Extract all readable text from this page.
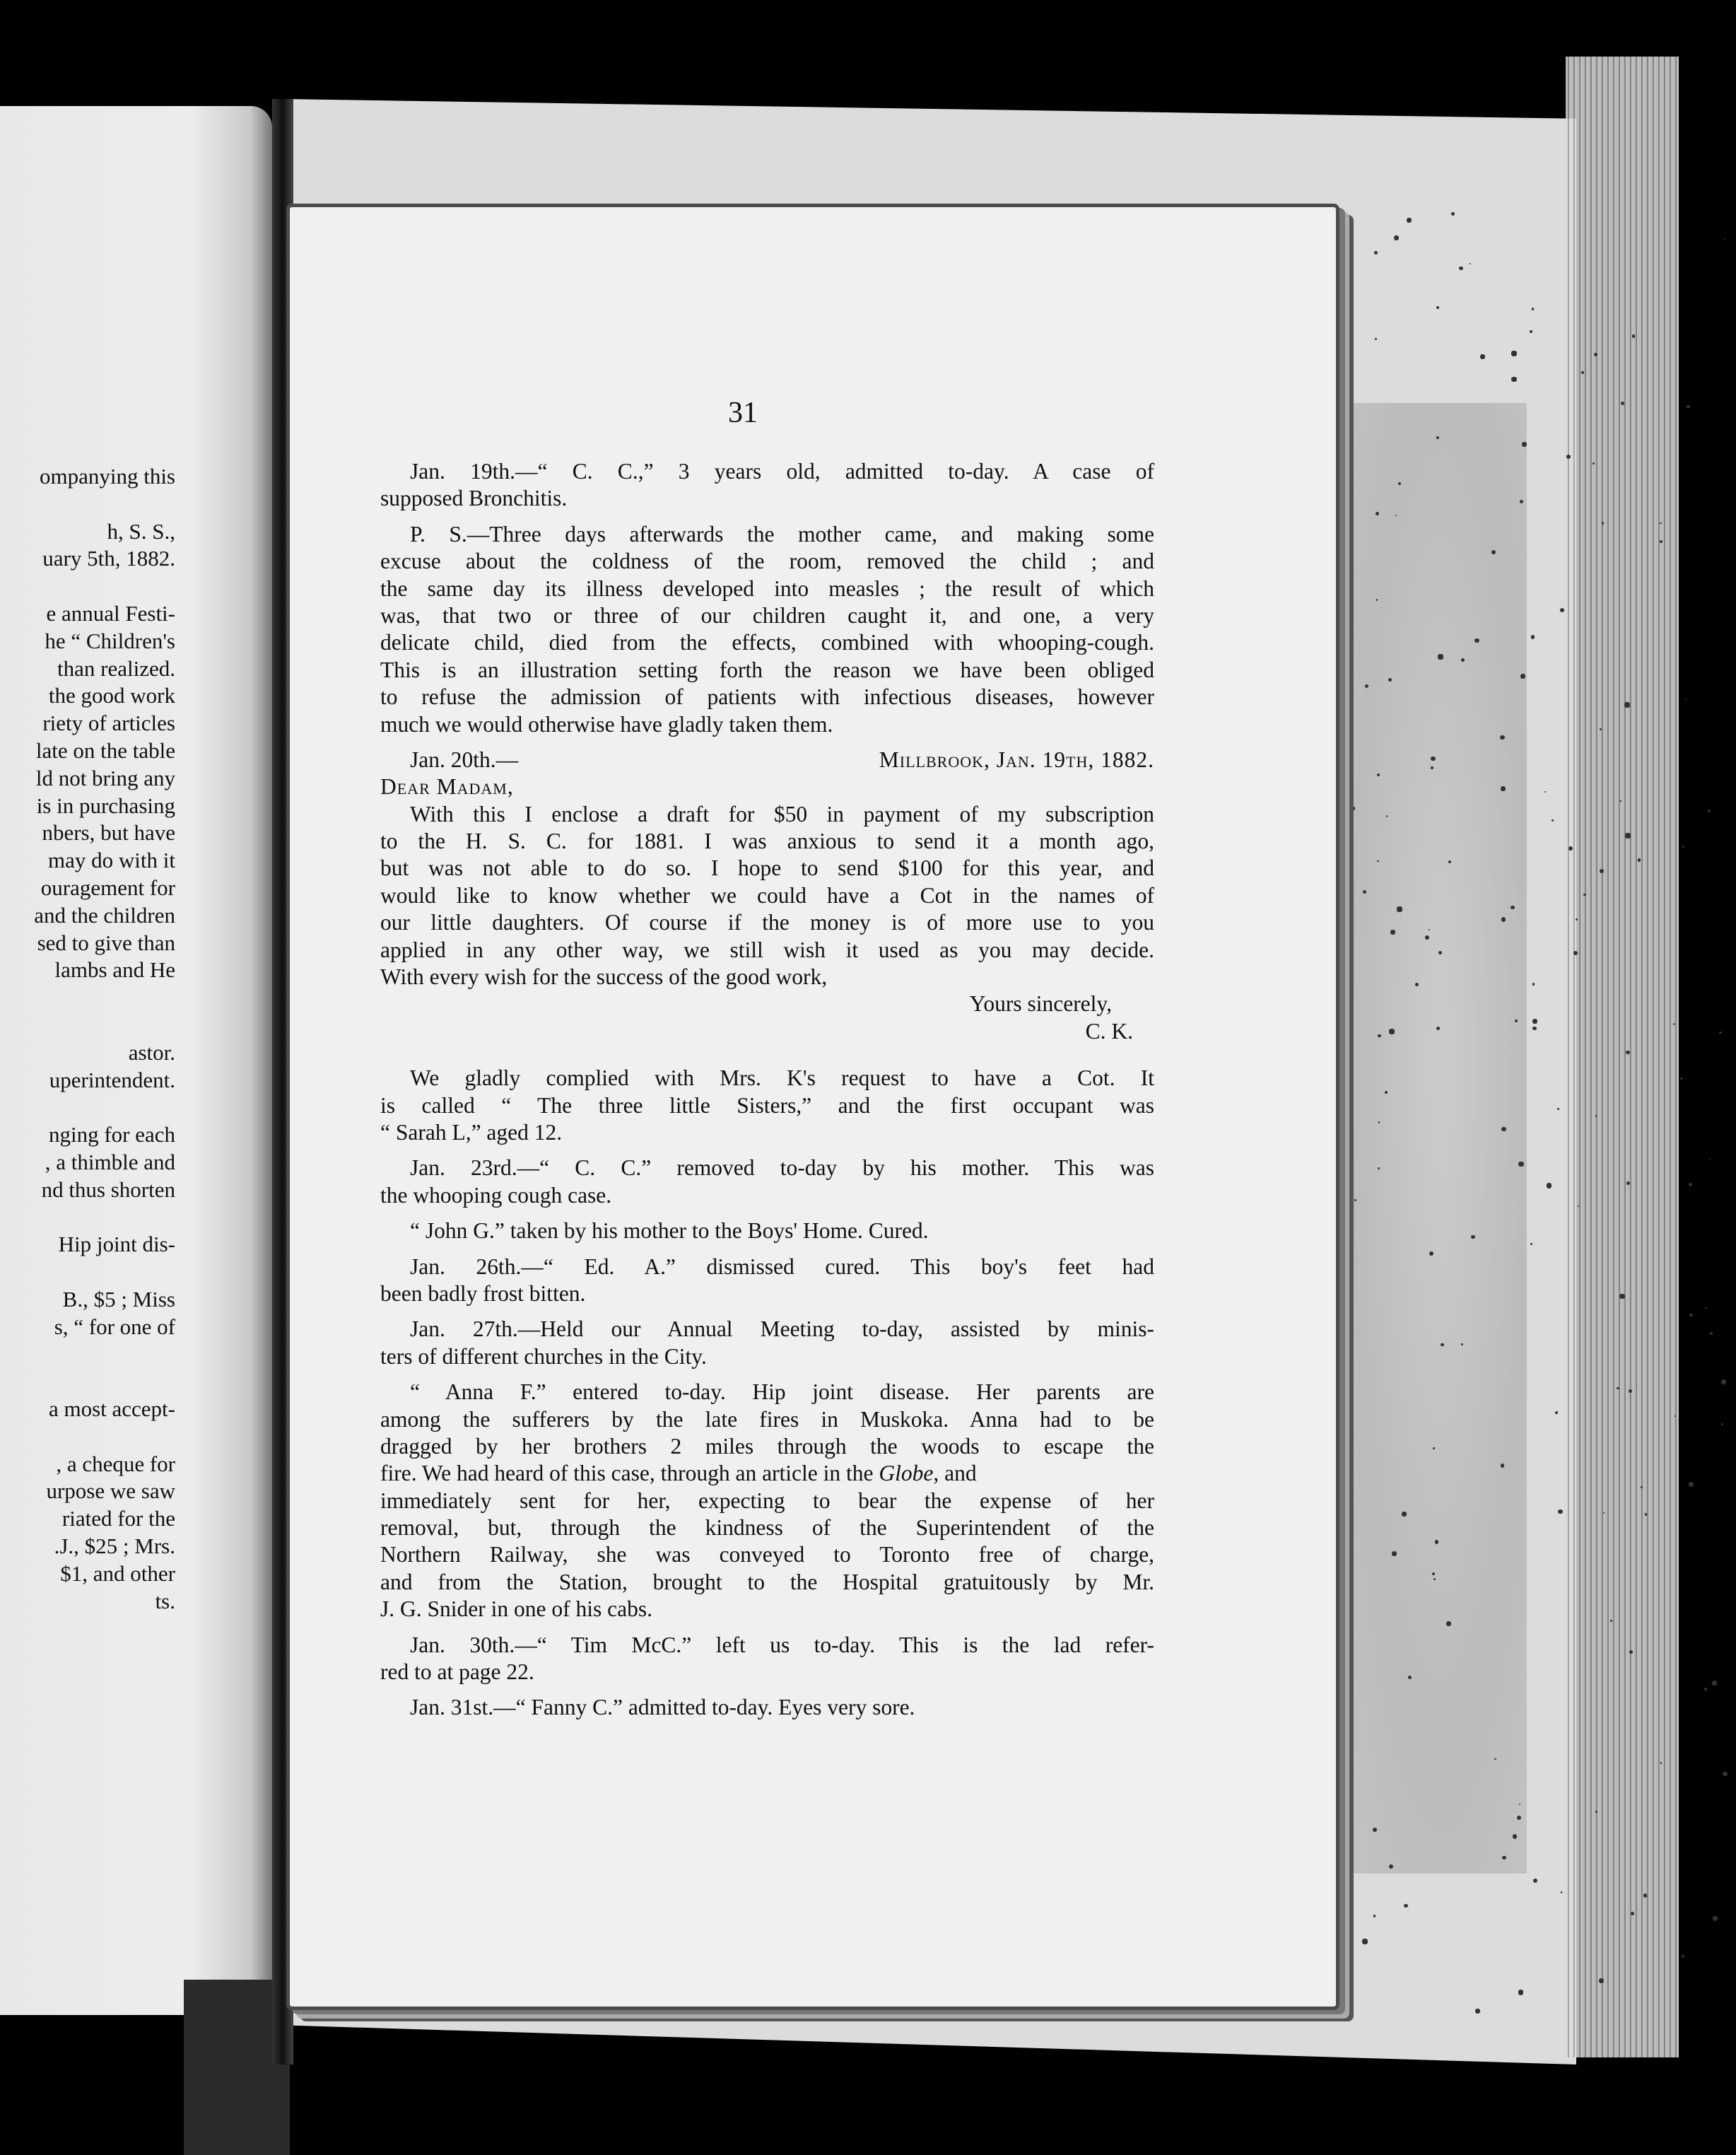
ompanying this

h, S. S.,
uary 5th, 1882.

e annual Festi-
he “ Children's
than realized.
the good work
riety of articles
late on the table
ld not bring any
is in purchasing
nbers, but have
may do with it
ouragement for
and the children
sed to give than
lambs and He

astor.
uperintendent.

nging for each
, a thimble and
nd thus shorten

Hip joint dis-

B., $5 ; Miss
s, “ for one of

a most accept-

, a cheque for
urpose we saw
riated for the
.J., $25 ; Mrs.
$1, and other
ts.
31
Jan. 19th.—“ C. C.,” 3 years old, admitted to-day. A case of
supposed Bronchitis.
P. S.—Three days afterwards the mother came, and making some
excuse about the coldness of the room, removed the child ; and
the same day its illness developed into measles ; the result of which
was, that two or three of our children caught it, and one, a very
delicate child, died from the effects, combined with whooping-cough.
This is an illustration setting forth the reason we have been obliged
to refuse the admission of patients with infectious diseases, however
much we would otherwise have gladly taken them.
Jan. 20th.—	Millbrook, Jan. 19th, 1882.
Dear Madam,
With this I enclose a draft for $50 in payment of my subscription
to the H. S. C. for 1881. I was anxious to send it a month ago,
but was not able to do so. I hope to send $100 for this year, and
would like to know whether we could have a Cot in the names of
our little daughters. Of course if the money is of more use to you
applied in any other way, we still wish it used as you may decide.
With every wish for the success of the good work,
Yours sincerely,
C. K.
We gladly complied with Mrs. K's request to have a Cot. It
is called “ The three little Sisters,” and the first occupant was
“ Sarah L,” aged 12.
Jan. 23rd.—“ C. C.” removed to-day by his mother. This was
the whooping cough case.
“ John G.” taken by his mother to the Boys' Home. Cured.
Jan. 26th.—“ Ed. A.” dismissed cured. This boy's feet had
been badly frost bitten.
Jan. 27th.—Held our Annual Meeting to-day, assisted by minis-
ters of different churches in the City.
“ Anna F.” entered to-day. Hip joint disease. Her parents are
among the sufferers by the late fires in Muskoka. Anna had to be
dragged by her brothers 2 miles through the woods to escape the
fire. We had heard of this case, through an article in the Globe, and
immediately sent for her, expecting to bear the expense of her
removal, but, through the kindness of the Superintendent of the
Northern Railway, she was conveyed to Toronto free of charge,
and from the Station, brought to the Hospital gratuitously by Mr.
J. G. Snider in one of his cabs.
Jan. 30th.—“ Tim McC.” left us to-day. This is the lad refer-
red to at page 22.
Jan. 31st.—“ Fanny C.” admitted to-day. Eyes very sore.
